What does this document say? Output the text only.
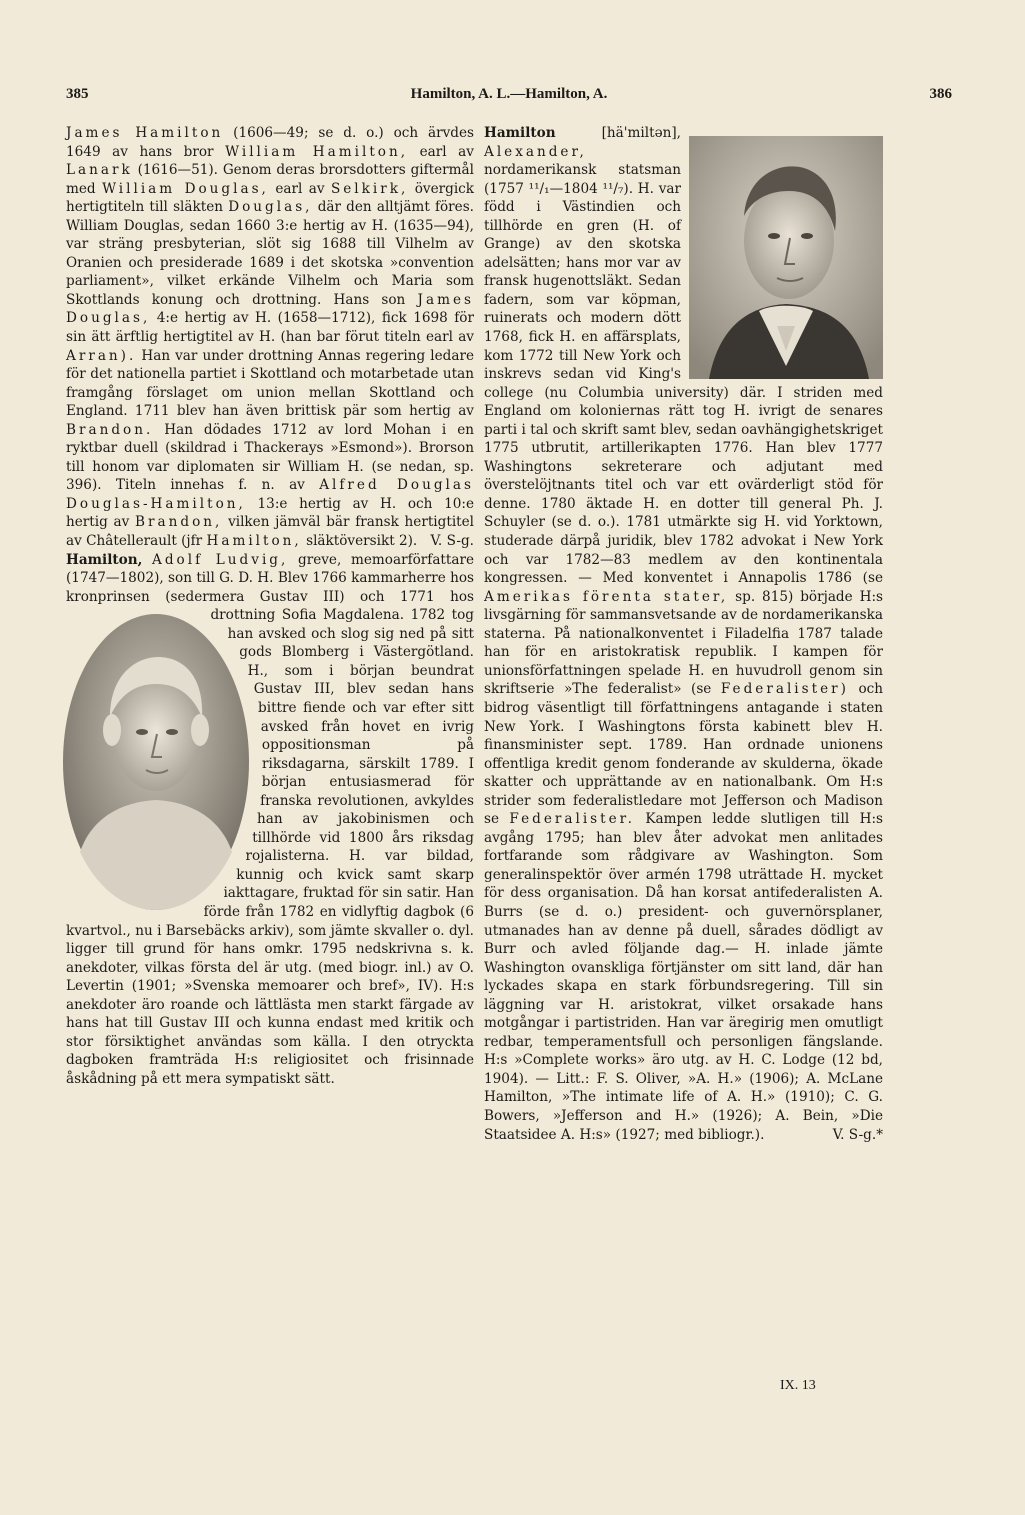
385	Hamilton, A. L.—Hamilton, A.	386

James Hamilton (1606—49; se d. o.) och ärvdes 1649 av hans bror William Hamilton, earl av Lanark (1616—51). Genom deras brorsdotters giftermål med William Douglas, earl av Selkirk, övergick hertigtiteln till släkten Douglas, där den alltjämt föres. William Douglas, sedan 1660 3:e hertig av H. (1635—94), var sträng presbyterian, slöt sig 1688 till Vilhelm av Oranien och presiderade 1689 i det skotska »convention parliament», vilket erkände Vilhelm och Maria som Skottlands konung och drottning. Hans son James Douglas, 4:e hertig av H. (1658—1712), fick 1698 för sin ätt ärftlig hertigtitel av H. (han bar förut titeln earl av Arran). Han var under drottning Annas regering ledare för det nationella partiet i Skottland och motarbetade utan framgång förslaget om union mellan Skottland och England. 1711 blev han även brittisk pär som hertig av Brandon. Han dödades 1712 av lord Mohan i en ryktbar duell (skildrad i Thackerays »Esmond»). Brorson till honom var diplomaten sir William H. (se nedan, sp. 396). Titeln innehas f. n. av Alfred Douglas Douglas-Hamilton, 13:e hertig av H. och 10:e hertig av Brandon, vilken jämväl bär fransk hertigtitel av Châtellerault (jfr Hamilton, släktöversikt 2). V. S-g.

Hamilton, Adolf Ludvig, greve, memoarförfattare (1747—1802), son till G. D. H. Blev 1766 kammarherre hos kronprinsen (sedermera Gustav III)
och 1771 hos drottning Sofia Magdalena. 1782 tog han avsked och slog sig ned på sitt gods Blomberg i Västergötland. H., som i början beundrat Gustav III, blev sedan hans bittre fiende och var efter sitt avsked från hovet en ivrig oppositionsman på riksdagarna, särskilt 1789. I början entusiasmerad för franska revolutionen, avkyldes han av jakobinismen och tillhörde vid 1800 års riksdag rojalisterna. H. var bildad, kunnig och kvick samt skarp iakttagare, fruktad för sin satir. Han förde från 1782 en vidlyftig dagbok (6 kvartvol., nu i Barsebäcks arkiv), som jämte skvaller o. dyl. ligger till grund för hans omkr. 1795 nedskrivna s. k. anekdoter, vilkas första del är utg. (med biogr. inl.) av O. Levertin (1901; »Svenska memoarer och bref», IV). H:s anekdoter äro roande och lättlästa men starkt färgade av hans hat till Gustav III och kunna endast med kritik och stor försiktighet användas som källa. I den otryckta dagboken framträda H:s religiositet och frisinnade åskådning på ett mera sympatiskt sätt.

Hamilton	[hä'miltən], Alexander, nordamerikansk statsman (1757 ¹¹/₁—1804 ¹¹/₇). H. var född i Västindien och tillhörde en gren (H. of Grange) av den skotska adelsätten; hans mor var av fransk hugenottsläkt. Sedan fadern, som var köpman, ruinerats och modern dött 1768, fick H. en affärsplats, kom 1772 till New York och inskrevs sedan vid King's college (nu Columbia university) där. I striden med England om koloniernas rätt tog H. ivrigt de senares parti i tal och skrift samt blev, sedan oavhängighetskriget 1775 utbrutit, artillerikapten 1776. Han blev 1777 Washingtons sekreterare och adjutant med överstelöjtnants titel och var ett ovärderligt stöd för denne. 1780 äktade H. en dotter till general Ph. J. Schuyler (se d. o.). 1781 utmärkte sig H. vid Yorktown, studerade därpå juridik, blev 1782 advokat i New York och var 1782—83 medlem av den kontinentala kongressen. — Med konventet i Annapolis 1786 (se Amerikas förenta stater, sp. 815) började H:s livsgärning för sammansvetsande av de nordamerikanska staterna. På nationalkonventet i Filadelfia 1787 talade han för en aristokratisk republik. I kampen för unionsförfattningen spelade H. en huvudroll genom sin skriftserie »The federalist» (se Federalister) och bidrog väsentligt till författningens antagande i staten New York. I Washingtons första kabinett blev H. finansminister sept. 1789. Han ordnade unionens offentliga kredit genom fonderande av skulderna, ökade skatter och upprättande av en nationalbank. Om H:s strider som federalistledare mot Jefferson och Madison se Federalister. Kampen ledde slutligen till H:s avgång 1795; han blev åter advokat men anlitades fortfarande som rådgivare av Washington. Som generalinspektör över armén 1798 uträttade H. mycket för dess organisation. Då han korsat antifederalisten A. Burrs (se d. o.) president- och guvernörsplaner, utmanades han av denne på duell, sårades dödligt av Burr och avled följande dag.— H. inlade jämte Washington ovanskliga förtjänster om sitt land, där han lyckades skapa en stark förbundsregering. Till sin läggning var H. aristokrat, vilket orsakade hans motgångar i partistriden. Han var äregirig men omutligt redbar, temperamentsfull och personligen fängslande. H:s »Complete works» äro utg. av H. C. Lodge (12 bd, 1904). — Litt.: F. S. Oliver, »A. H.» (1906); A. McLane Hamilton, »The intimate life of A. H.» (1910); C. G. Bowers, »Jefferson and H.» (1926); A. Bein, »Die Staatsidee A. H:s» (1927; med bibliogr.).	V. S-g.*

IX. 13
